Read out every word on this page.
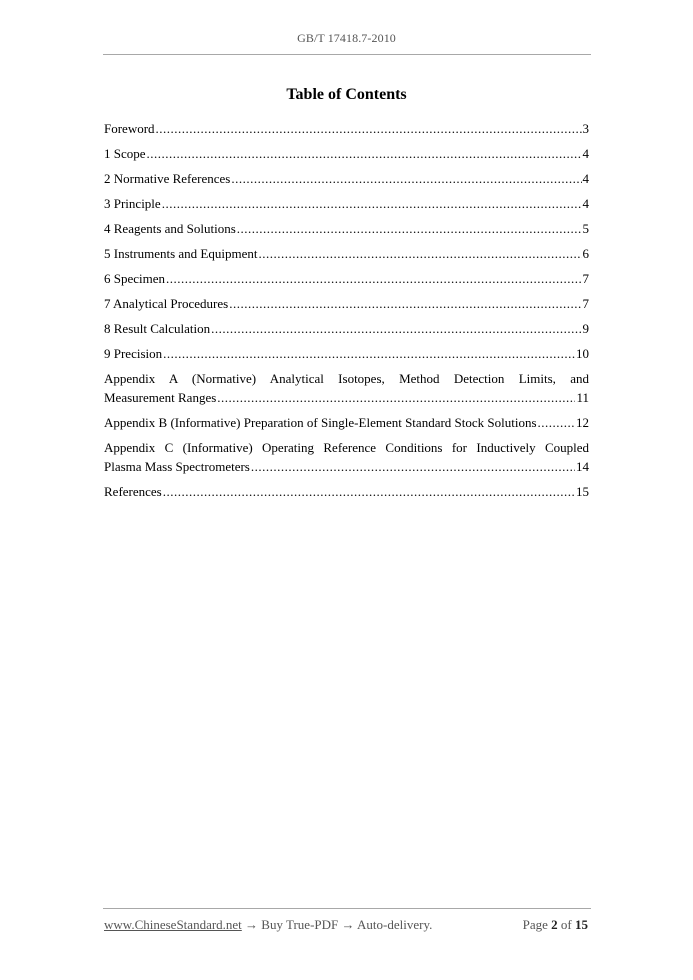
GB/T 17418.7-2010
Table of Contents
Foreword .....	3
1 Scope .....	4
2 Normative References .....	4
3 Principle .....	4
4 Reagents and Solutions .....	5
5 Instruments and Equipment .....	6
6 Specimen .....	7
7 Analytical Procedures .....	7
8 Result Calculation .....	9
9 Precision .....	10
Appendix A (Normative) Analytical Isotopes, Method Detection Limits, and
Measurement Ranges .....	11
Appendix B (Informative) Preparation of Single-Element Standard Stock Solutions .....	12
Appendix C (Informative) Operating Reference Conditions for Inductively Coupled
Plasma Mass Spectrometers .....	14
References .....	15
www.ChineseStandard.net → Buy True-PDF → Auto-delivery.	Page 2 of 15
